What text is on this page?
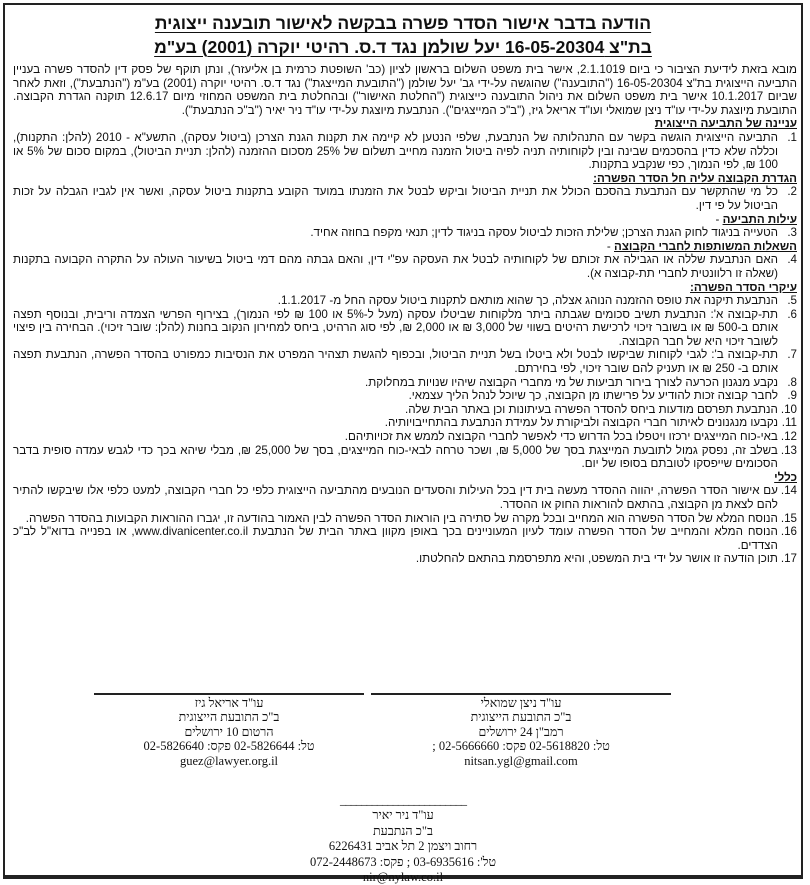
הודעה בדבר אישור הסדר פשרה בבקשה לאישור תובענה ייצוגית
בת"צ 16-05-20304 יעל שולמן נגד ד.ס. רהיטי יוקרה (2001) בע"מ

מובא בזאת לידיעת הציבור כי ביום 2.1.1019, אישר בית משפט השלום בראשון לציון (כב' השופטת כרמית בן אליעזר), ונתן תוקף של פסק דין להסדר פשרה בעניין התביעה הייצוגית בת"צ 16-05-20304 ("התובענה") שהוגשה על-ידי גב' יעל שולמן ("התובעת המייצגת") נגד ד.ס. רהיטי יוקרה (2001) בע"מ ("הנתבעת"), וזאת לאחר שביום 10.1.2017 אישר בית משפט השלום את ניהול התובענה כייצוגית ("החלטת האישור") ובהחלטת בית המשפט המחוזי מיום 12.6.17 תוקנה הגדרת הקבוצה. התובעת מיוצגת על-ידי עו"ד ניצן שמואלי ועו"ד אריאל גיז, ("ב"כ המייצגים"). הנתבעת מיוצגת על-ידי עו"ד ניר יאיר ("ב"כ הנתבעת").

עניינה של התביעה הייצוגית

1.
התביעה הייצוגית הוגשה בקשר עם התנהלותה של הנתבעת, שלפי הנטען לא קיימה את תקנות הגנת הצרכן (ביטול עסקה), התשע"א - 2010 (להלן: התקנות), וכללה שלא כדין בהסכמים שבינה ובין לקוחותיה תניה לפיה ביטול הזמנה מחייב תשלום של 25% מסכום ההזמנה (להלן: תניית הביטול), במקום סכום של 5% או 100 ₪, לפי הנמוך, כפי שנקבע בתקנות.

הגדרת הקבוצה עליה חל הסדר הפשרה:

2.
כל מי שהתקשר עם הנתבעת בהסכם הכולל את תניית הביטול וביקש לבטל את הזמנתו במועד הקובע בתקנות ביטול עסקה, ואשר אין לגביו הגבלה על זכות הביטול על פי דין.

עילות התביעה -

3.
הטעייה בניגוד לחוק הגנת הצרכן; שלילת הזכות לביטול עסקה בניגוד לדין; תנאי מקפח בחוזה אחיד.

השאלות המשותפות לחברי הקבוצה -

4.
האם הנתבעת שללה או הגבילה את זכותם של לקוחותיה לבטל את העסקה עפ"י דין, והאם גבתה מהם דמי ביטול בשיעור העולה על התקרה הקבועה בתקנות (שאלה זו רלוונטית לחברי תת-קבוצה א).

עיקרי הסדר הפשרה:

5.
הנתבעת תיקנה את טופס ההזמנה הנוהג אצלה, כך שהוא מותאם לתקנות ביטול עסקה החל מ- 1.1.2017.
6.
תת-קבוצה א': הנתבעת תשיב סכומים שגבתה ביתר מלקוחות שביטלו עסקה (מעל ל-5% או 100 ₪ לפי הנמוך), בצירוף הפרשי הצמדה וריבית, ובנוסף תפצה אותם ב-500 ₪ או בשובר זיכוי לרכישת רהיטים בשווי של 3,000 ₪ או 2,000 ₪, לפי סוג הרהיט, ביחס למחירון הנקוב בחנות (להלן: שובר זיכוי). הבחירה בין פיצוי לשובר זיכוי היא של חבר הקבוצה.
7.
תת-קבוצה ב': לגבי לקוחות שביקשו לבטל ולא ביטלו בשל תניית הביטול, ובכפוף להגשת תצהיר המפרט את הנסיבות כמפורט בהסדר הפשרה, הנתבעת תפצה אותם ב- 250 ₪ או תעניק להם שובר זיכוי, לפי בחירתם.
8.
נקבע מנגנון הכרעה לצורך בירור תביעות של מי מחברי הקבוצה שיהיו שנויות במחלוקת.
9.
לחבר קבוצה זכות להודיע על פרישתו מן הקבוצה, כך שיוכל לנהל הליך עצמאי.
10.
הנתבעת תפרסם מודעות ביחס להסדר הפשרה בעיתונות וכן באתר הבית שלה.
11.
נקבעו מנגנונים לאיתור חברי הקבוצה ולביקורת על עמידת הנתבעת בהתחייבויותיה.
12.
באי-כוח המייצגים ירכזו ויטפלו בכל הדרוש כדי לאפשר לחברי הקבוצה לממש את זכויותיהם.
13.
בשלב זה, נפסק גמול לתובעת המייצגת בסך של 5,000 ₪, ושכר טרחה לבאי-כוח המייצגים, בסך של 25,000 ₪, מבלי שיהא בכך כדי לגבש עמדה סופית בדבר הסכומים שייפסקו לטובתם בסופו של יום.

כללי

14.
עם אישור הסדר הפשרה, יהווה ההסדר מעשה בית דין בכל העילות והסעדים הנובעים מהתביעה הייצוגית כלפי כל חברי הקבוצה, למעט כלפי אלו שיבקשו להתיר להם לצאת מן הקבוצה, בהתאם להוראות החוק או ההסדר.
15.
הנוסח המלא של הסדר הפשרה הוא המחייב ובכל מקרה של סתירה בין הוראות הסדר הפשרה לבין האמור בהודעה זו, יגברו ההוראות הקבועות בהסדר הפשרה.
16.
הנוסח המלא והמחייב של הסדר הפשרה עומד לעיון המעוניינים בכך באופן מקוון באתר הבית של הנתבעת www.divanicenter.co.il, או בפנייה בדוא"ל לב"כ הצדדים.
17.
תוכן הודעה זו אושר על ידי בית המשפט, והיא מתפרסמת בהתאם להחלטתו.
עו"ד ניצן שמואלי
ב"כ התובעת הייצוגית
רמב"ן 24 ירושלים
טל: 02-5618820 פקס: 02-5666660 ;
nitsan.ygl@gmail.com
עו"ד אריאל גיז
ב"כ התובעת הייצוגית
הרטום 10 ירושלים
טל: 02-5826644 פקס: 02-5826640
guez@lawyer.org.il
________________________
עו"ד ניר יאיר
ב"כ הנתבעת
רחוב ויצמן 2 תל אביב 6226431
טל': 03-6935616 ; פקס: 072-2448673
nir@nylaw.co.il
